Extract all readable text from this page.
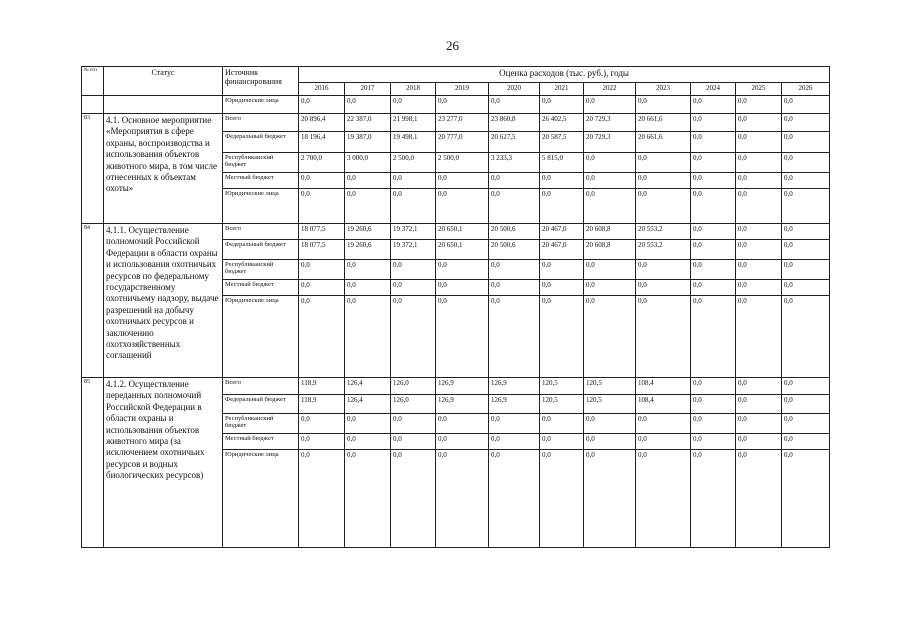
26
№ п/п	Статус	Источник финансирования	Оценка расходов (тыс. руб.), годы										
			2016	2017	2018	2019	2020	2021	2022	2023	2024	2025	2026
		Юридические лица	0,0	0,0	0,0	0,0	0,0	0,0	0,0	0,0	0,0	0,0	0,0
83	4.1. Основное мероприятие «Мероприятия в сфере охраны, воспроизводства и использования объектов животного мира, в том числе отнесенных к объектам охоты»	Всего	20 896,4	22 387,0	21 998,1	23 277,0	23 860,8	26 402,5	20 729,3	20 661,6	0,0	0,0	0,0
		Федеральный бюджет	18 196,4	19 387,0	19 498,1	20 777,0	20 627,5	20 587,5	20 729,3	20 661,6	0,0	0,0	0,0
		Республиканский бюджет	2 700,0	3 000,0	2 500,0	2 500,0	3 233,3	5 815,0	0,0	0,0	0,0	0,0	0,0
		Местный бюджет	0,0	0,0	0,0	0,0	0,0	0,0	0,0	0,0	0,0	0,0	0,0
		Юридические лица	0,0	0,0	0,0	0,0	0,0	0,0	0,0	0,0	0,0	0,0	0,0
84	4.1.1. Осуществление полномочий Российской Федерации в области охраны и использования охотничьих ресурсов по федеральному государственному охотничьему надзору, выдаче разрешений на добычу охотничьих ресурсов и заключению охотхозяйственных соглашений	Всего	18 077,5	19 260,6	19 372,1	20 650,1	20 500,6	20 467,0	20 608,8	20 553,2	0,0	0,0	0,0
		Федеральный бюджет	18 077,5	19 260,6	19 372,1	20 650,1	20 500,6	20 467,0	20 608,8	20 553,2	0,0	0,0	0,0
		Республиканский бюджет	0,0	0,0	0,0	0,0	0,0	0,0	0,0	0,0	0,0	0,0	0,0
		Местный бюджет	0,0	0,0	0,0	0,0	0,0	0,0	0,0	0,0	0,0	0,0	0,0
		Юридические лица	0,0	0,0	0,0	0,0	0,0	0,0	0,0	0,0	0,0	0,0	0,0
85	4.1.2. Осуществление переданных полномочий Российской Федерации в области охраны и использования объектов животного мира (за исключением охотничьих ресурсов и водных биологических ресурсов)	Всего	118,9	126,4	126,0	126,9	126,9	120,5	120,5	108,4	0,0	0,0	0,0
		Федеральный бюджет	118,9	126,4	126,0	126,9	126,9	120,5	120,5	108,4	0,0	0,0	0,0
		Республиканский бюджет	0,0	0,0	0,0	0,0	0,0	0,0	0,0	0,0	0,0	0,0	0,0
		Местный бюджет	0,0	0,0	0,0	0,0	0,0	0,0	0,0	0,0	0,0	0,0	0,0
		Юридические лица	0,0	0,0	0,0	0,0	0,0	0,0	0,0	0,0	0,0	0,0	0,0
